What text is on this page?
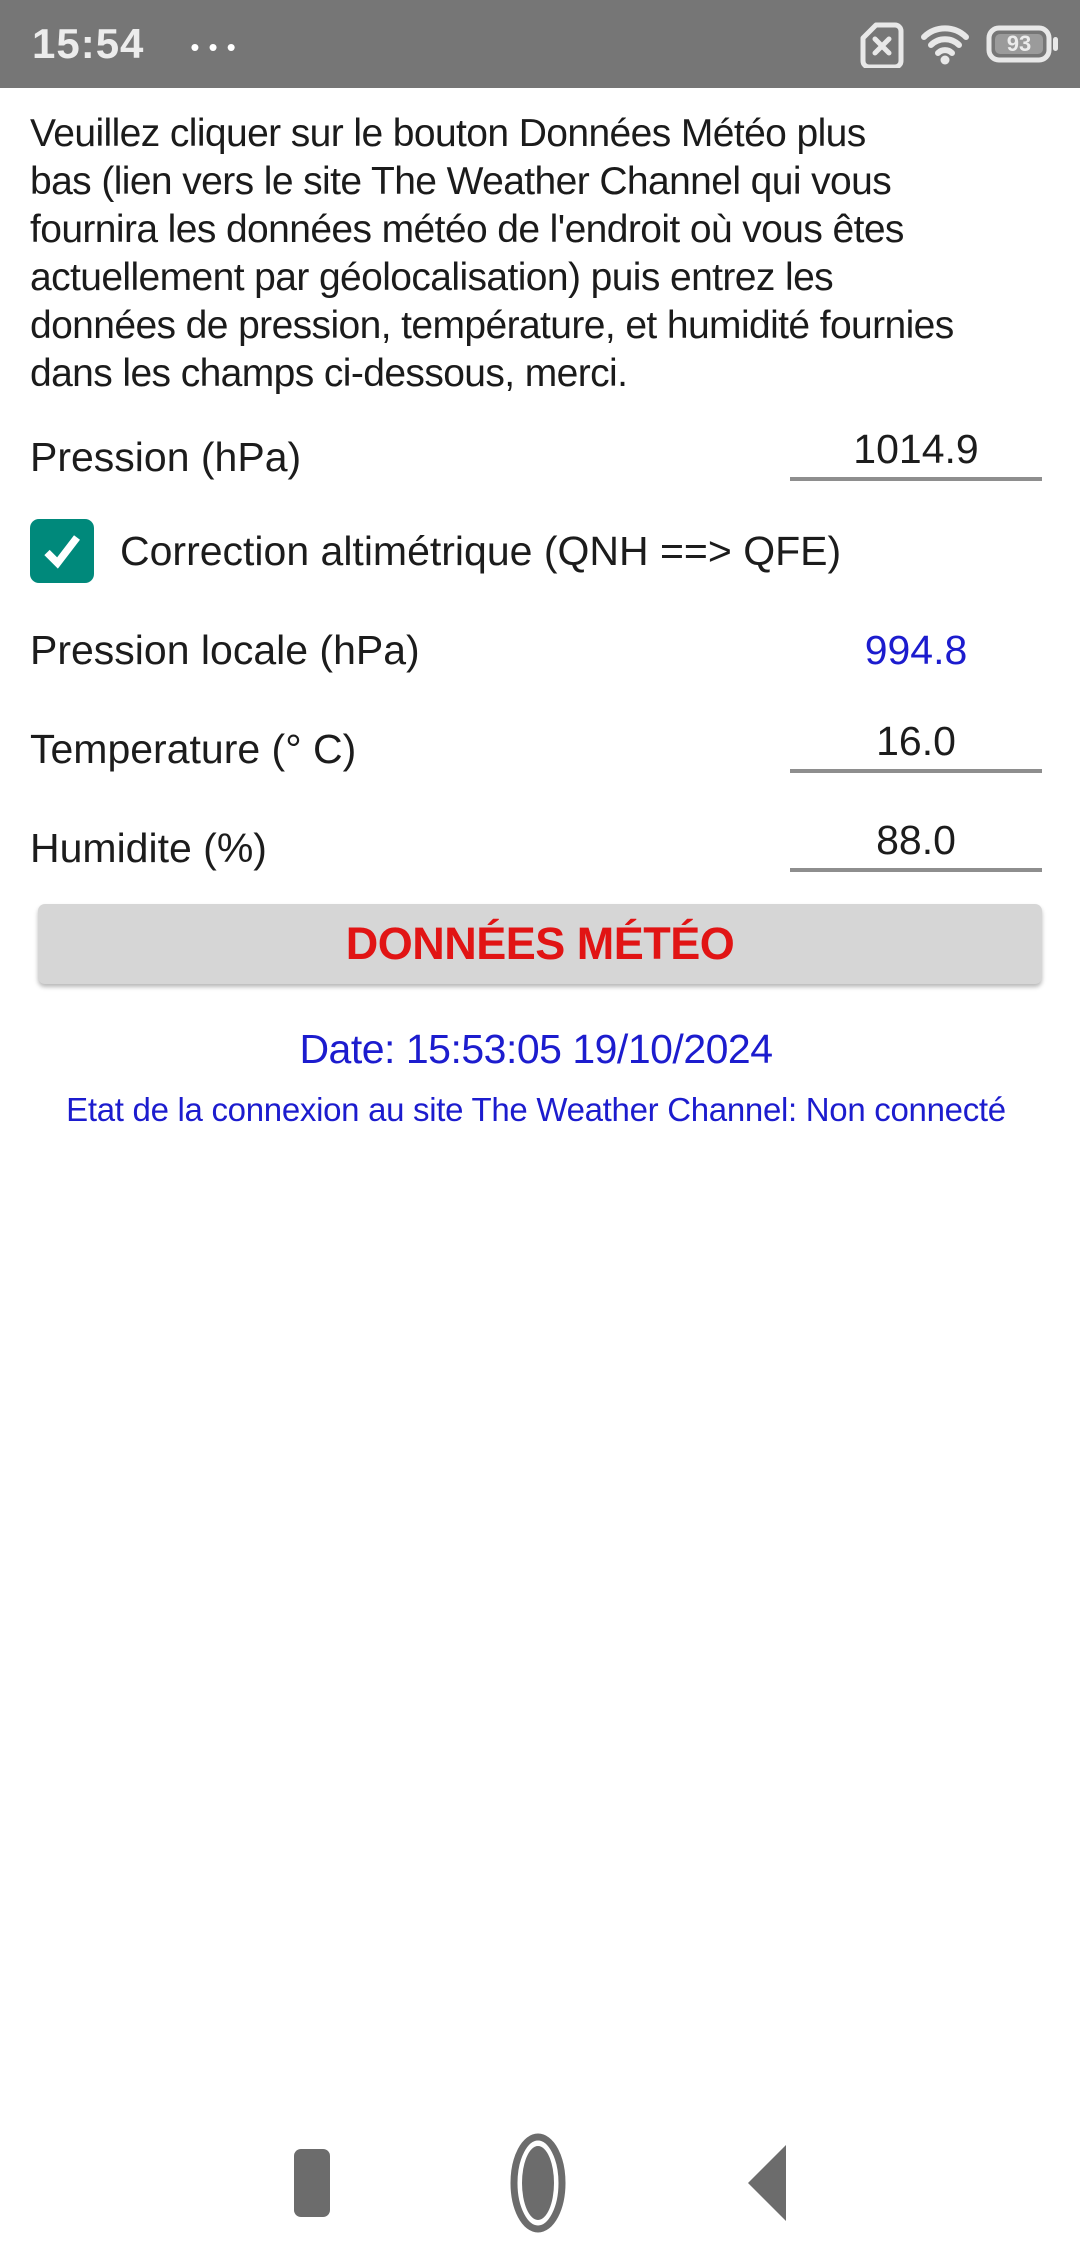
15:54 •••	93
Veuillez cliquer sur le bouton Données Météo plus
bas (lien vers le site The Weather Channel qui vous
fournira les données météo de l'endroit où vous êtes
actuellement par géolocalisation) puis entrez les
données de pression, température, et humidité fournies
dans les champs ci-dessous, merci.
Pression (hPa)
1014.9
Correction altimétrique (QNH ==> QFE)
Pression locale (hPa)	994.8
Temperature (° C)
16.0
Humidite (%)
88.0
DONNÉES MÉTÉO
Date: 15:53:05 19/10/2024
Etat de la connexion au site The Weather Channel: Non connecté
